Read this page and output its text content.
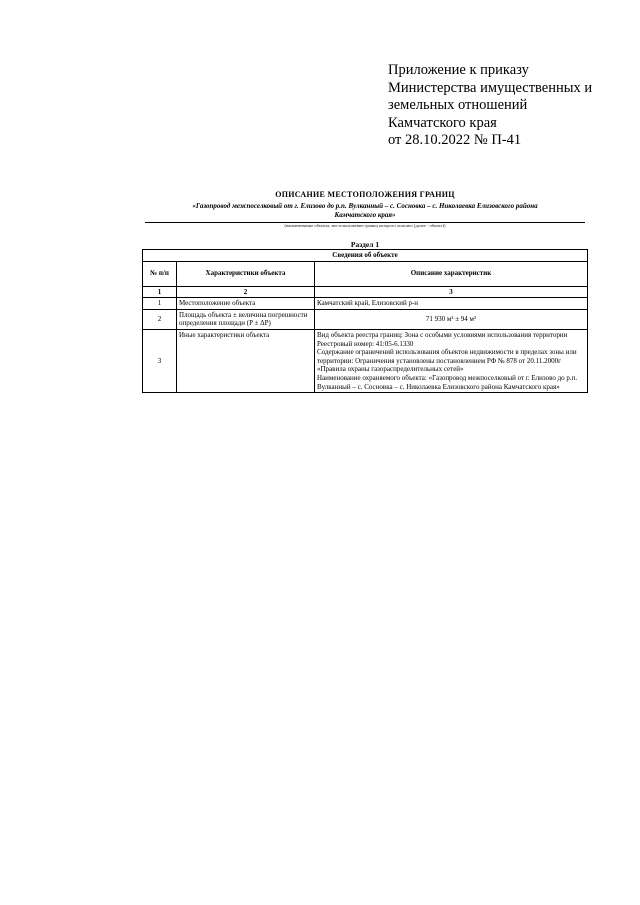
Приложение к приказу
Министерства имущественных и
земельных отношений
Камчатского края
от 28.10.2022 № П-41
ОПИСАНИЕ МЕСТОПОЛОЖЕНИЯ ГРАНИЦ
«Газопровод межпоселковый от г. Елизово до р.п. Вулканный – с. Сосновка – с. Николаевка Елизовского района
Камчатского края»
(наименование объекта, местоположение границ которого описано (далее - объект))
Раздел 1
Сведения об объекте		
№ п/п	Характеристики объекта	Описание характеристик
1	2	3
1	Местоположение объекта	Камчатский край, Елизовский р-н
2	Площадь объекта ± величина погрешности определения площади (P ± ΔP)	71 930 м² ± 94 м²
3	Иные характеристики объекта	Вид объекта реестра границ: Зона с особыми условиями использования территории
Реестровый номер: 41:05-6.1330
Содержание ограничений использования объектов недвижимости в пределах зоны или территории: Ограничения установлены постановлением РФ № 878 от 20.11.2000г «Правила охраны газораспределительных сетей»
Наименование охраняемого объекта: «Газопровод межпоселковый от г. Елизово до р.п. Вулканный – с. Сосновка – с. Николаевка Елизовского района Камчатского края»
